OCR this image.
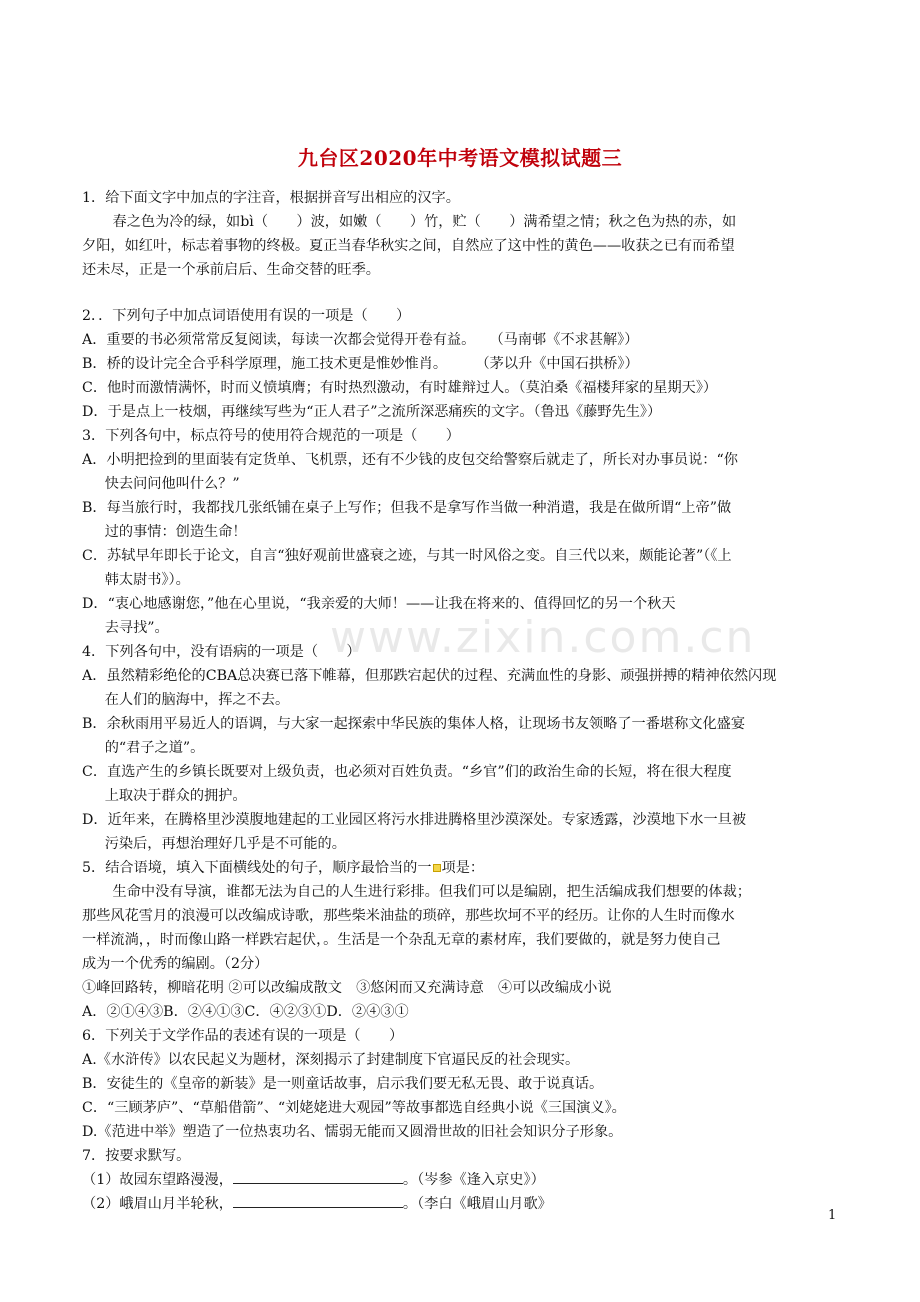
九台区2020年中考语文模拟试题三
www.zixin.com.cn
1．给下面文字中加点的字注音，根据拼音写出相应的汉字。
春之色为冷的绿，如bì（　　）波，如嫩（　　）竹，贮（　　）满希望之情；秋之色为热的赤，如
夕阳，如红叶，标志着事物的终极。夏正当春华秋实之间，自然应了这中性的黄色——收获之已有而希望
还未尽，正是一个承前启后、生命交替的旺季。
2．．下列句子中加点词语使用有误的一项是（　　）
A．重要的书必须常常反复阅读，每读一次都会觉得开卷有益。　　（马南邨《不求甚解》）
B．桥的设计完全合乎科学原理，施工技术更是惟妙惟肖。　　　（茅以升《中国石拱桥》）
C．他时而激情满怀，时而义愤填膺；有时热烈激动，有时雄辩过人。（莫泊桑《福楼拜家的星期天》）
D．于是点上一枝烟，再继续写些为“正人君子”之流所深恶痛疾的文字。（鲁迅《藤野先生》）
3．下列各句中，标点符号的使用符合规范的一项是（　　）
A．小明把捡到的里面装有定货单、飞机票，还有不少钱的皮包交给警察后就走了，所长对办事员说：“你
快去问问他叫什么？”
B．每当旅行时，我都找几张纸铺在桌子上写作；但我不是拿写作当做一种消遣，我是在做所谓“上帝”做
过的事情：创造生命！
C．苏轼早年即长于论文，自言“独好观前世盛衰之迹，与其一时风俗之变。自三代以来，颇能论著”（《上
韩太尉书》）。
D．“衷心地感谢您，”他在心里说，“我亲爱的大师！——让我在将来的、值得回忆的另一个秋天
去寻找”。
4．下列各句中，没有语病的一项是（　　）
A．虽然精彩绝伦的CBA总决赛已落下帷幕，但那跌宕起伏的过程、充满血性的身影、顽强拼搏的精神依然闪现
在人们的脑海中，挥之不去。
B．余秋雨用平易近人的语调，与大家一起探索中华民族的集体人格，让现场书友领略了一番堪称文化盛宴
的“君子之道”。
C．直选产生的乡镇长既要对上级负责，也必须对百姓负责。“乡官”们的政治生命的长短，将在很大程度
上取决于群众的拥护。
D．近年来，在腾格里沙漠腹地建起的工业园区将污水排进腾格里沙漠深处。专家透露，沙漠地下水一旦被
污染后，再想治理好几乎是不可能的。
5．结合语境，填入下面横线处的句子，顺序最恰当的一 项是：
生命中没有导演，谁都无法为自己的人生进行彩排。但我们可以是编剧，把生活编成我们想要的体裁；
那些风花雪月的浪漫可以改编成诗歌，那些柴米油盐的琐碎，那些坎坷不平的经历。让你的人生时而像水
一样流淌，，时而像山路一样跌宕起伏，。生活是一个杂乱无章的素材库，我们要做的，就是努力使自己
成为一个优秀的编剧。（2分）
①峰回路转，柳暗花明 ②可以改编成散文　③悠闲而又充满诗意　④可以改编成小说
A．②①④③B．②④①③C．④②③①D．②④③①
6．下列关于文学作品的表述有误的一项是（　　）
A.《水浒传》以农民起义为题材，深刻揭示了封建制度下官逼民反的社会现实。
B．安徒生的《皇帝的新装》是一则童话故事，启示我们要无私无畏、敢于说真话。
C．“三顾茅庐”、“草船借箭”、“刘姥姥进大观园”等故事都选自经典小说《三国演义》。
D.《范进中举》塑造了一位热衷功名、懦弱无能而又圆滑世故的旧社会知识分子形象。
7．按要求默写。
（1）故园东望路漫漫，	。（岑参《逢入京史》）
（2）峨眉山月半轮秋，	。（李白《峨眉山月歌》
1
